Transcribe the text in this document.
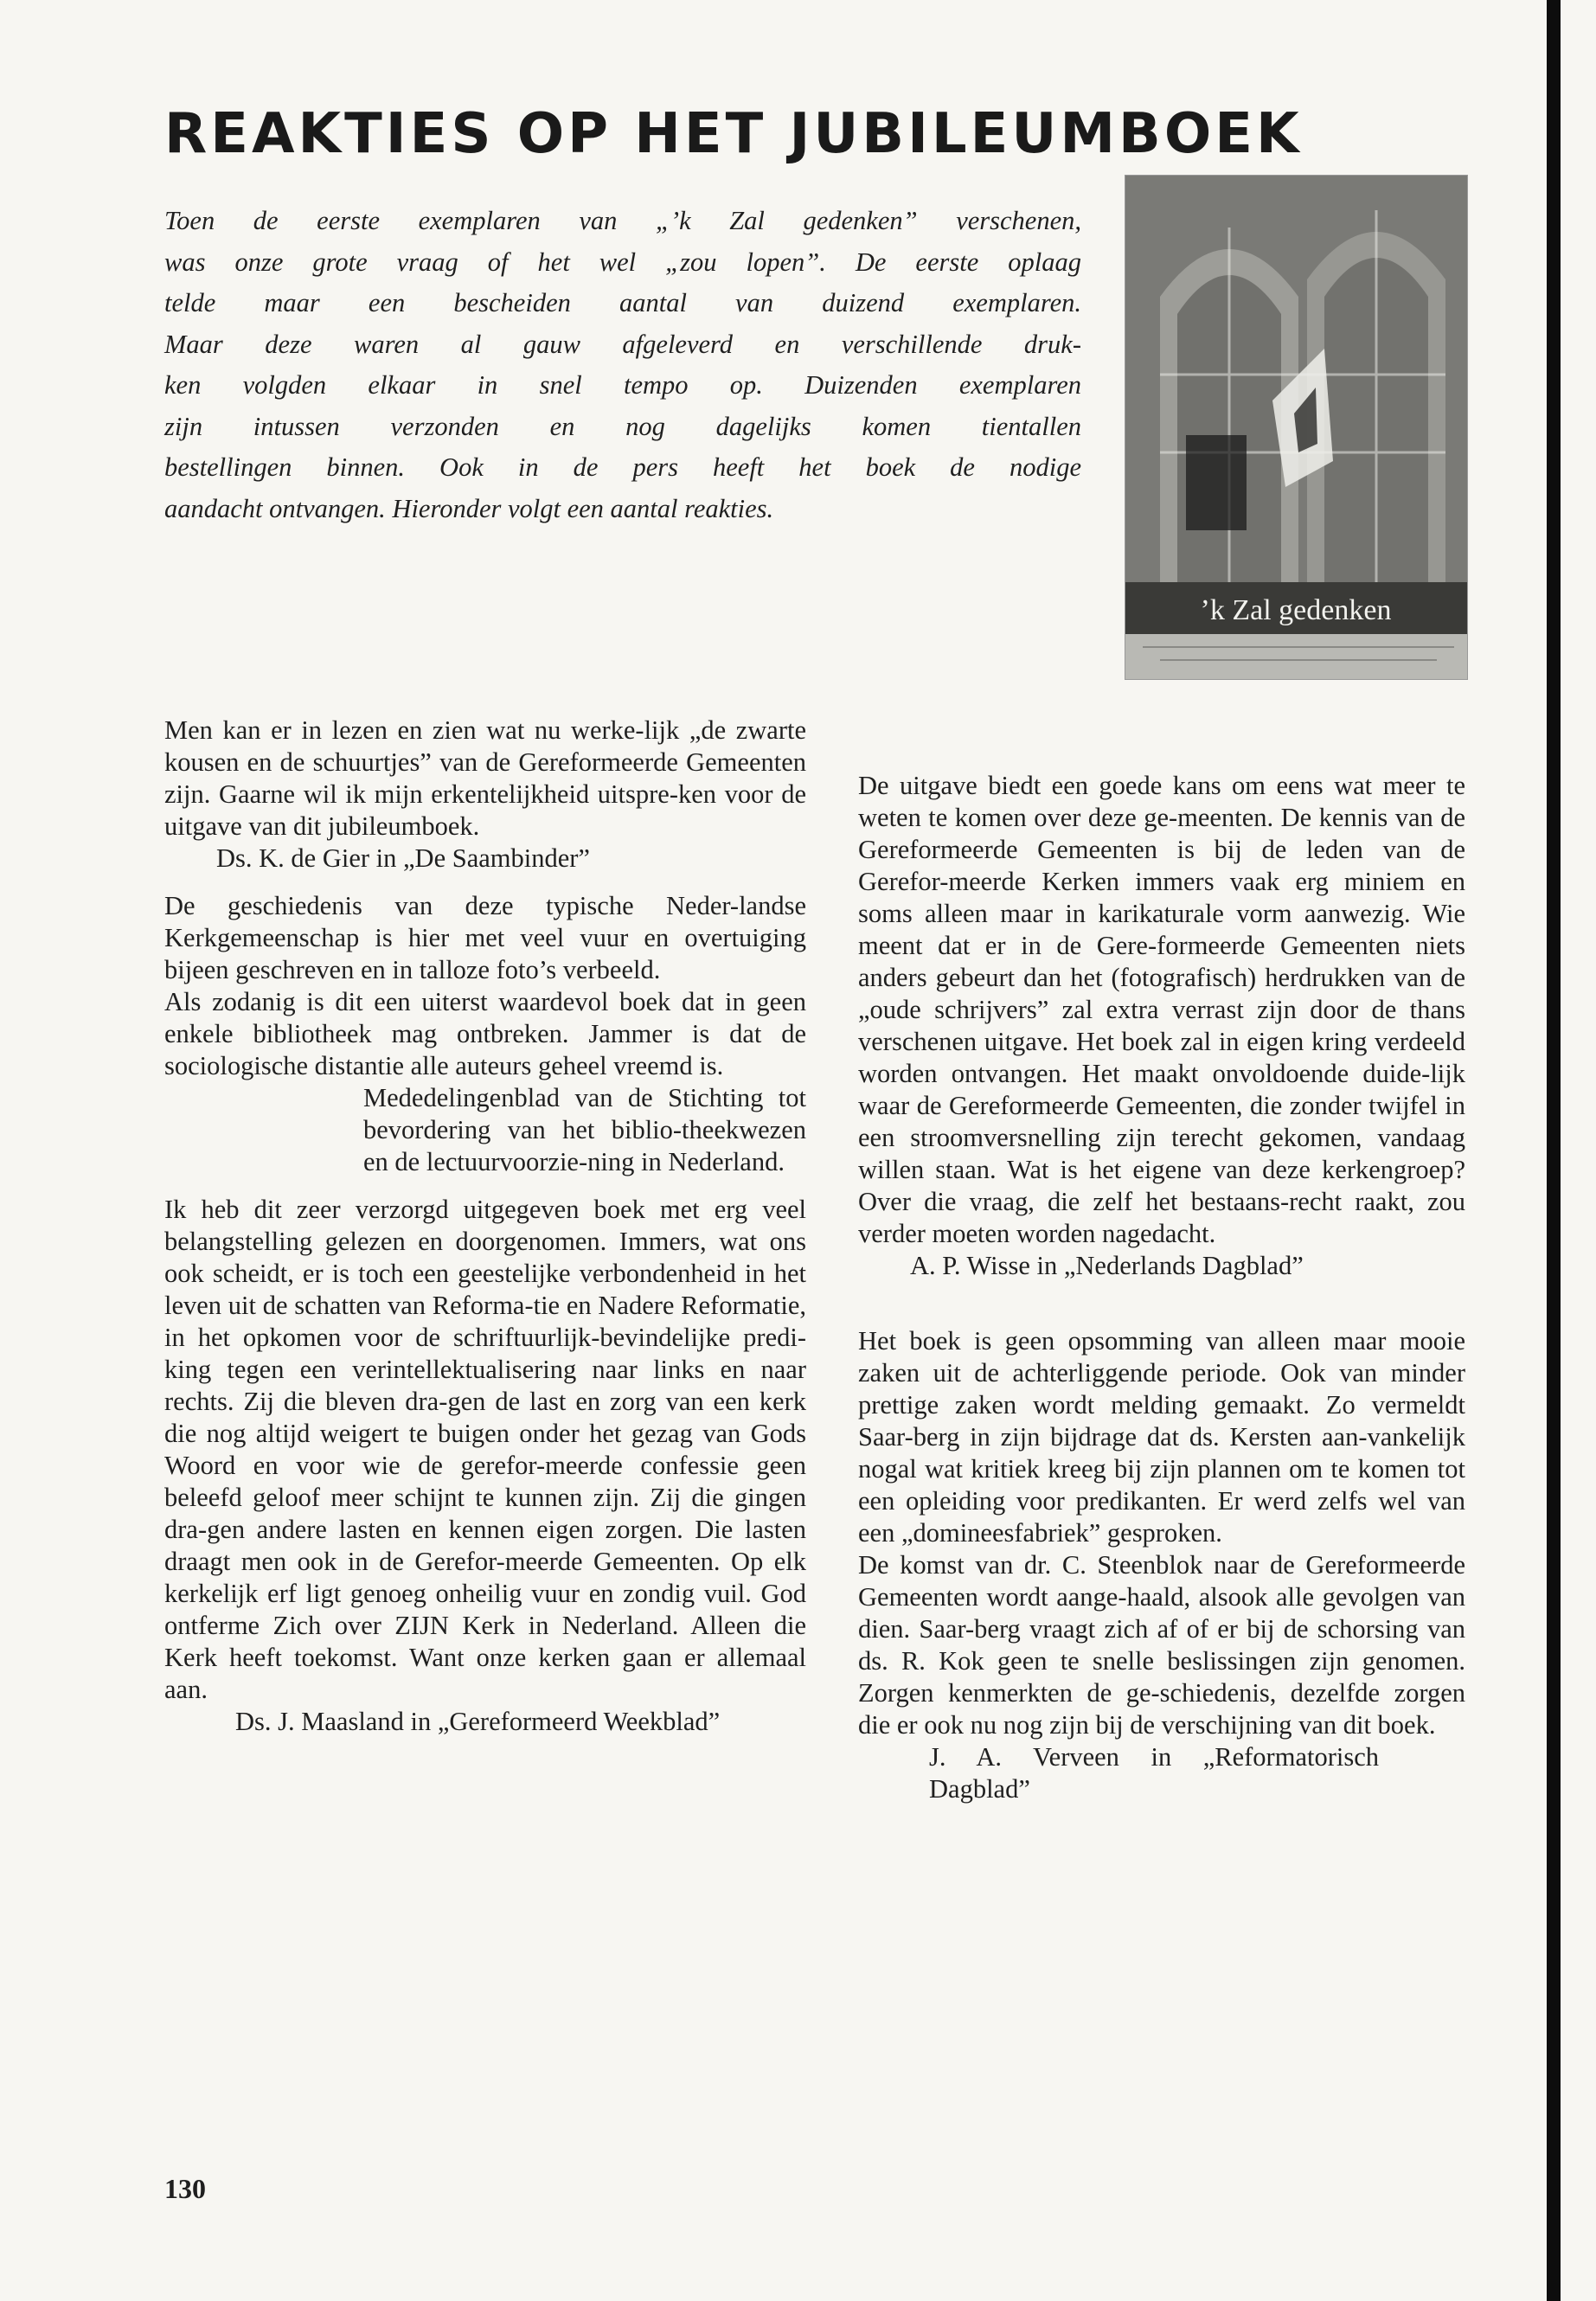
REAKTIES OP HET JUBILEUMBOEK
Toen de eerste exemplaren van „’k Zal gedenken” verschenen,
was onze grote vraag of het wel „zou lopen”. De eerste oplaag
telde maar een bescheiden aantal van duizend exemplaren.
Maar deze waren al gauw afgeleverd en verschillende druk-
ken volgden elkaar in snel tempo op. Duizenden exemplaren
zijn intussen verzonden en nog dagelijks komen tientallen
bestellingen binnen. Ook in de pers heeft het boek de nodige
aandacht ontvangen. Hieronder volgt een aantal reakties.
’k Zal gedenken

Men kan er in lezen en zien wat nu werke-lijk „de zwarte kousen en de schuurtjes” van de Gereformeerde Gemeenten zijn. Gaarne wil ik mijn erkentelijkheid uitspre-ken voor de uitgave van dit jubileumboek.

Ds. K. de Gier in „De Saambinder”

De geschiedenis van deze typische Neder-landse Kerkgemeenschap is hier met veel vuur en overtuiging bijeen geschreven en in talloze foto’s verbeeld.

Als zodanig is dit een uiterst waardevol boek dat in geen enkele bibliotheek mag ontbreken. Jammer is dat de sociologische distantie alle auteurs geheel vreemd is.

Mededelingenblad van de Stichting tot bevordering van het biblio-theekwezen en de lectuurvoorzie-ning in Nederland.

Ik heb dit zeer verzorgd uitgegeven boek met erg veel belangstelling gelezen en doorgenomen. Immers, wat ons ook scheidt, er is toch een geestelijke verbondenheid in het leven uit de schatten van Reforma-tie en Nadere Reformatie, in het opkomen voor de schriftuurlijk-bevindelijke predi-king tegen een verintellektualisering naar links en naar rechts. Zij die bleven dra-gen de last en zorg van een kerk die nog altijd weigert te buigen onder het gezag van Gods Woord en voor wie de gerefor-meerde confessie geen beleefd geloof meer schijnt te kunnen zijn. Zij die gingen dra-gen andere lasten en kennen eigen zorgen. Die lasten draagt men ook in de Gerefor-meerde Gemeenten. Op elk kerkelijk erf ligt genoeg onheilig vuur en zondig vuil. God ontferme Zich over ZIJN Kerk in Nederland. Alleen die Kerk heeft toekomst. Want onze kerken gaan er allemaal aan.

Ds. J. Maasland in „Gereformeerd Weekblad”

De uitgave biedt een goede kans om eens wat meer te weten te komen over deze ge-meenten. De kennis van de Gereformeerde Gemeenten is bij de leden van de Gerefor-meerde Kerken immers vaak erg miniem en soms alleen maar in karikaturale vorm aanwezig. Wie meent dat er in de Gere-formeerde Gemeenten niets anders gebeurt dan het (fotografisch) herdrukken van de „oude schrijvers” zal extra verrast zijn door de thans verschenen uitgave. Het boek zal in eigen kring verdeeld worden ontvangen. Het maakt onvoldoende duide-lijk waar de Gereformeerde Gemeenten, die zonder twijfel in een stroomversnelling zijn terecht gekomen, vandaag willen staan. Wat is het eigene van deze kerkengroep? Over die vraag, die zelf het bestaans-recht raakt, zou verder moeten worden nagedacht.

A. P. Wisse in „Nederlands Dagblad”

Het boek is geen opsomming van alleen maar mooie zaken uit de achterliggende periode. Ook van minder prettige zaken wordt melding gemaakt. Zo vermeldt Saar-berg in zijn bijdrage dat ds. Kersten aan-vankelijk nogal wat kritiek kreeg bij zijn plannen om te komen tot een opleiding voor predikanten. Er werd zelfs wel van een „domineesfabriek” gesproken.

De komst van dr. C. Steenblok naar de Gereformeerde Gemeenten wordt aange-haald, alsook alle gevolgen van dien. Saar-berg vraagt zich af of er bij de schorsing van ds. R. Kok geen te snelle beslissingen zijn genomen. Zorgen kenmerkten de ge-schiedenis, dezelfde zorgen die er ook nu nog zijn bij de verschijning van dit boek.

J. A. Verveen in „Reformatorisch Dagblad”

130
